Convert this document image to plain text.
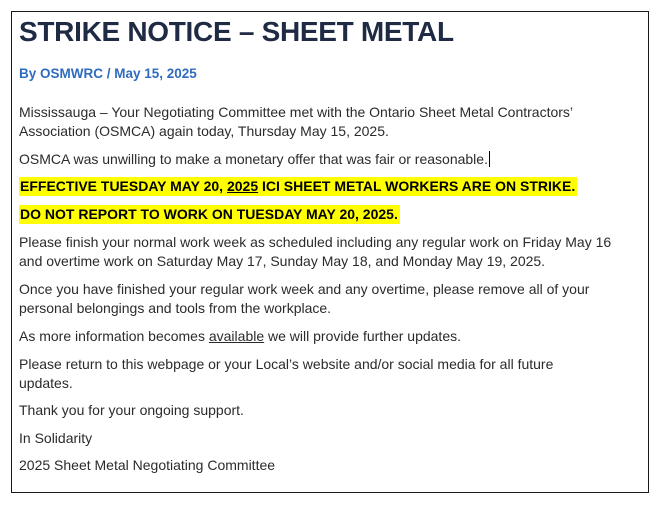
STRIKE NOTICE – SHEET METAL
By OSMWRC / May 15, 2025
Mississauga – Your Negotiating Committee met with the Ontario Sheet Metal Contractors’
Association (OSMCA) again today, Thursday May 15, 2025.
OSMCA was unwilling to make a monetary offer that was fair or reasonable.
EFFECTIVE TUESDAY MAY 20, 2025 ICI SHEET METAL WORKERS ARE ON STRIKE.
DO NOT REPORT TO WORK ON TUESDAY MAY 20, 2025.
Please finish your normal work week as scheduled including any regular work on Friday May 16
and overtime work on Saturday May 17, Sunday May 18, and Monday May 19, 2025.
Once you have finished your regular work week and any overtime, please remove all of your
personal belongings and tools from the workplace.
As more information becomes available we will provide further updates.
Please return to this webpage or your Local’s website and/or social media for all future
updates.
Thank you for your ongoing support.
In Solidarity
2025 Sheet Metal Negotiating Committee
